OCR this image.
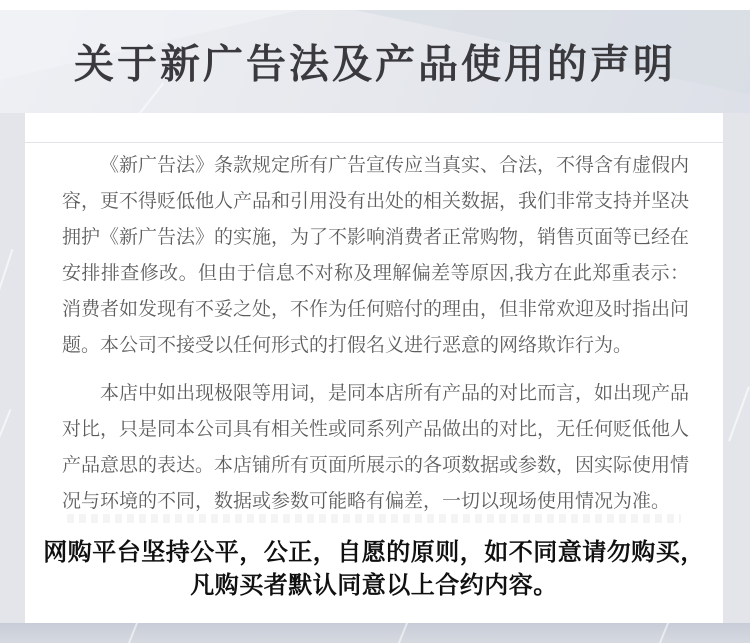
关于新广告法及产品使用的声明

《新广告法》条款规定所有广告宣传应当真实、合法，不得含有虚假内容，更不得贬低他人产品和引用没有出处的相关数据，我们非常支持并坚决拥护《新广告法》的实施，为了不影响消费者正常购物，销售页面等已经在安排排查修改。但由于信息不对称及理解偏差等原因,我方在此郑重表示：消费者如发现有不妥之处，不作为任何赔付的理由，但非常欢迎及时指出问题。本公司不接受以任何形式的打假名义进行恶意的网络欺诈行为。

本店中如出现极限等用词，是同本店所有产品的对比而言，如出现产品对比，只是同本公司具有相关性或同系列产品做出的对比，无任何贬低他人产品意思的表达。本店铺所有页面所展示的各项数据或参数，因实际使用情况与环境的不同，数据或参数可能略有偏差，一切以现场使用情况为准。

网购平台坚持公平，公正，自愿的原则，如不同意请勿购买，
凡购买者默认同意以上合约内容。
